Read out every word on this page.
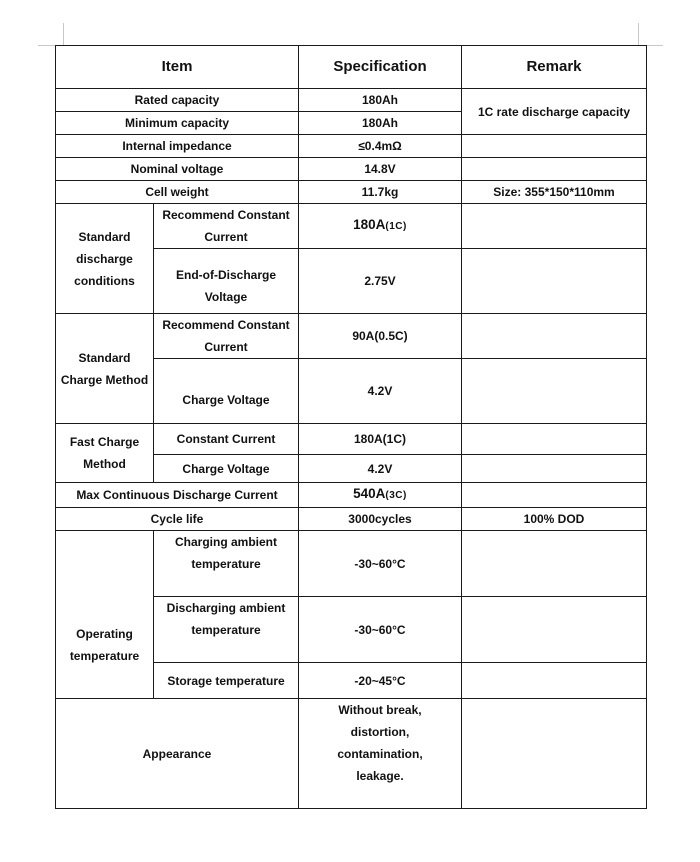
Item		Specification	Remark
Rated capacity		180Ah	1C rate discharge capacity
Minimum capacity		180Ah	
Internal impedance		≤0.4mΩ	
Nominal voltage		14.8V	
Cell weight		11.7kg	Size: 355*150*110mm
Standard discharge conditions	Recommend Constant Current	180A(1C)	
	End-of-Discharge Voltage	2.75V	
Standard Charge Method	Recommend Constant Current	90A(0.5C)	
	Charge Voltage	4.2V	
Fast Charge Method	Constant Current	180A(1C)	
	Charge Voltage	4.2V	
Max Continuous Discharge Current		540A(3C)	
Cycle life		3000cycles	100% DOD
Operating temperature	Charging ambient temperature	-30~60°C	
	Discharging ambient temperature	-30~60°C	
	Storage temperature	-20~45°C	
Appearance		Without break, distortion, contamination, leakage.	
